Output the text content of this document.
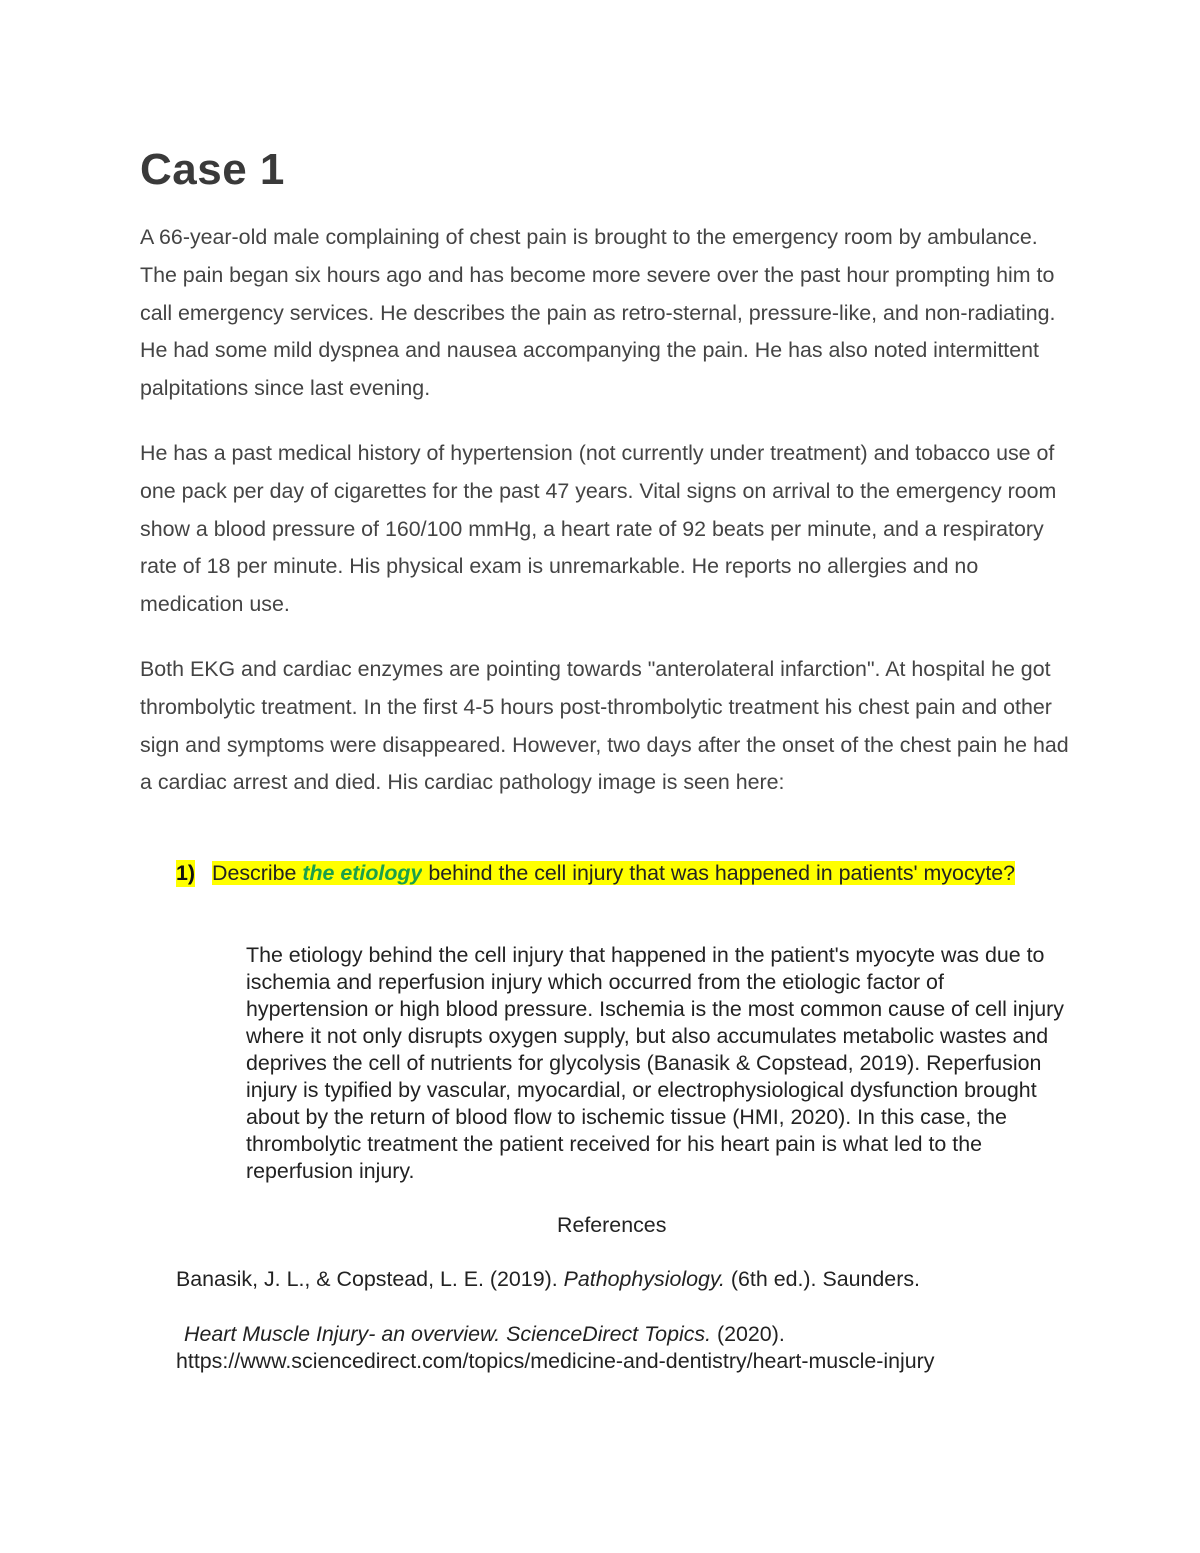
Case 1

A 66-year-old male complaining of chest pain is brought to the emergency room by ambulance. The pain began six hours ago and has become more severe over the past hour prompting him to call emergency services. He describes the pain as retro-sternal, pressure-like, and non-radiating. He had some mild dyspnea and nausea accompanying the pain. He has also noted intermittent palpitations since last evening.

He has a past medical history of hypertension (not currently under treatment) and tobacco use of one pack per day of cigarettes for the past 47 years. Vital signs on arrival to the emergency room show a blood pressure of 160/100 mmHg, a heart rate of 92 beats per minute, and a respiratory rate of 18 per minute. His physical exam is unremarkable. He reports no allergies and no medication use.

Both EKG and cardiac enzymes are pointing towards "anterolateral infarction". At hospital he got thrombolytic treatment. In the first 4-5 hours post-thrombolytic treatment his chest pain and other sign and symptoms were disappeared. However, two days after the onset of the chest pain he had a cardiac arrest and died. His cardiac pathology image is seen here:

1) Describe the etiology behind the cell injury that was happened in patients' myocyte?

The etiology behind the cell injury that happened in the patient's myocyte was due to ischemia and reperfusion injury which occurred from the etiologic factor of hypertension or high blood pressure. Ischemia is the most common cause of cell injury where it not only disrupts oxygen supply, but also accumulates metabolic wastes and deprives the cell of nutrients for glycolysis (Banasik & Copstead, 2019). Reperfusion injury is typified by vascular, myocardial, or electrophysiological dysfunction brought about by the return of blood flow to ischemic tissue (HMI, 2020). In this case, the thrombolytic treatment the patient received for his heart pain is what led to the reperfusion injury.

References

Banasik, J. L., & Copstead, L. E. (2019). Pathophysiology. (6th ed.). Saunders.

Heart Muscle Injury- an overview. ScienceDirect Topics. (2020).
https://www.sciencedirect.com/topics/medicine-and-dentistry/heart-muscle-injury
